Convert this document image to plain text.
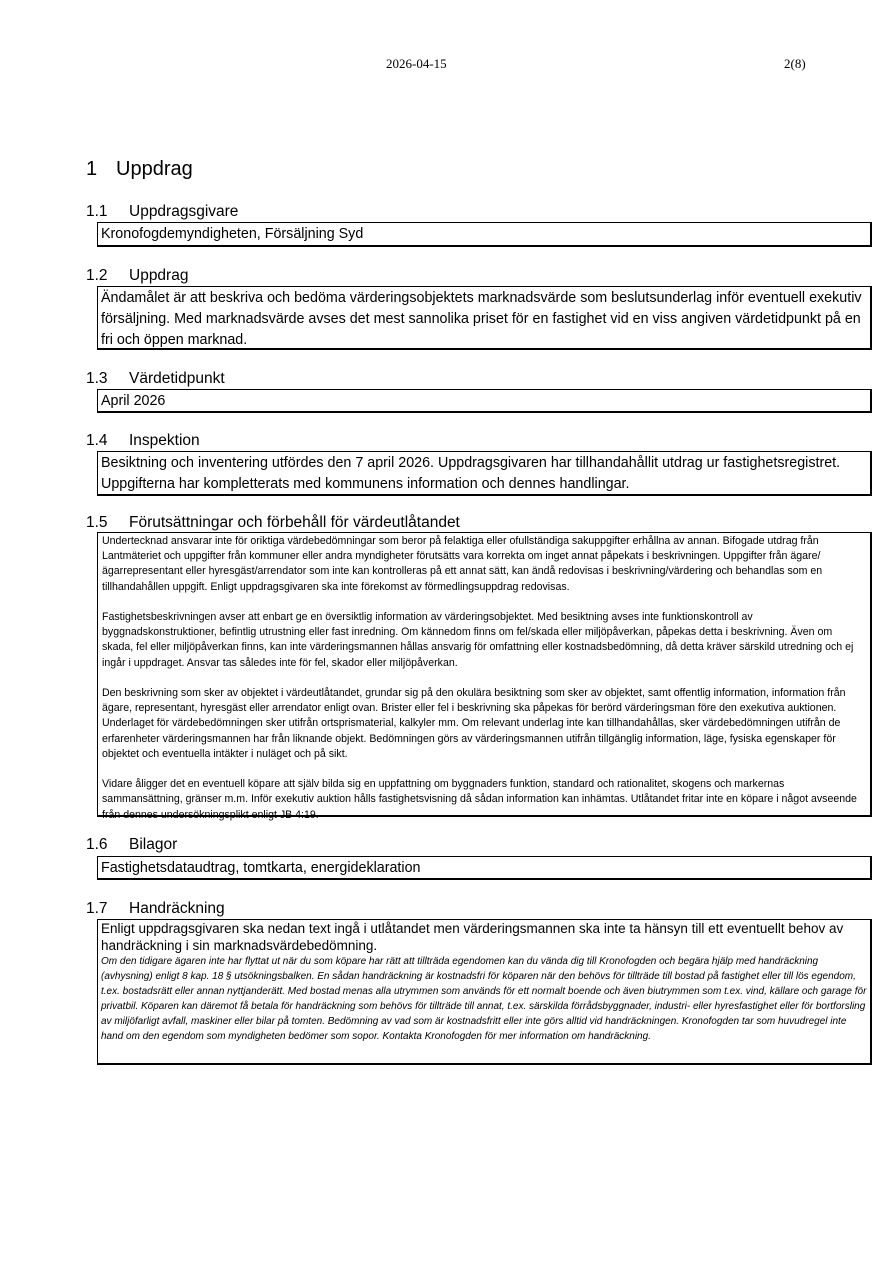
2026-04-15	2(8)
1 Uppdrag
1.1 Uppdragsgivare
Kronofogdemyndigheten, Försäljning Syd
1.2 Uppdrag
Ändamålet är att beskriva och bedöma värderingsobjektets marknadsvärde som beslutsunderlag inför eventuell exekutiv försäljning. Med marknadsvärde avses det mest sannolika priset för en fastighet vid en viss angiven värdetidpunkt på en fri och öppen marknad.
1.3 Värdetidpunkt
April 2026
1.4 Inspektion
Besiktning och inventering utfördes den 7 april 2026. Uppdragsgivaren har tillhandahållit utdrag ur fastighetsregistret. Uppgifterna har kompletterats med kommunens information och dennes handlingar.
1.5 Förutsättningar och förbehåll för värdeutlåtandet

Undertecknad ansvarar inte för oriktiga värdebedömningar som beror på felaktiga eller ofullständiga sakuppgifter erhållna av annan. Bifogade utdrag från Lantmäteriet och uppgifter från kommuner eller andra myndigheter förutsätts vara korrekta om inget annat påpekats i beskrivningen. Uppgifter från ägare/ägarrepresentant eller hyresgäst/arrendator som inte kan kontrolleras på ett annat sätt, kan ändå redovisas i beskrivning/värdering och behandlas som en tillhandahållen uppgift. Enligt uppdragsgivaren ska inte förekomst av förmedlingsuppdrag redovisas.

Fastighetsbeskrivningen avser att enbart ge en översiktlig information av värderingsobjektet. Med besiktning avses inte funktionskontroll av byggnadskonstruktioner, befintlig utrustning eller fast inredning. Om kännedom finns om fel/skada eller miljöpåverkan, påpekas detta i beskrivning. Även om skada, fel eller miljöpåverkan finns, kan inte värderingsmannen hållas ansvarig för omfattning eller kostnadsbedömning, då detta kräver särskild utredning och ej ingår i uppdraget. Ansvar tas således inte för fel, skador eller miljöpåverkan.

Den beskrivning som sker av objektet i värdeutlåtandet, grundar sig på den okulära besiktning som sker av objektet, samt offentlig information, information från ägare, representant, hyresgäst eller arrendator enligt ovan. Brister eller fel i beskrivning ska påpekas för berörd värderingsman före den exekutiva auktionen. Underlaget för värdebedömningen sker utifrån ortsprismaterial, kalkyler mm. Om relevant underlag inte kan tillhandahållas, sker värdebedömningen utifrån de erfarenheter värderingsmannen har från liknande objekt. Bedömningen görs av värderingsmannen utifrån tillgänglig information, läge, fysiska egenskaper för objektet och eventuella intäkter i nuläget och på sikt.

Vidare åligger det en eventuell köpare att själv bilda sig en uppfattning om byggnaders funktion, standard och rationalitet, skogens och markernas sammansättning, gränser m.m. Inför exekutiv auktion hålls fastighetsvisning då sådan information kan inhämtas. Utlåtandet fritar inte en köpare i något avseende från dennes undersökningsplikt enligt JB 4:19.

1.6 Bilagor
Fastighetsdataudtrag, tomtkarta, energideklaration
1.7 Handräckning
Enligt uppdragsgivaren ska nedan text ingå i utlåtandet men värderingsmannen ska inte ta hänsyn till ett eventuellt behov av handräckning i sin marknadsvärdebedömning.

Om den tidigare ägaren inte har flyttat ut när du som köpare har rätt att tillträda egendomen kan du vända dig till Kronofogden och begära hjälp med handräckning (avhysning) enligt 8 kap. 18 § utsökningsbalken. En sådan handräckning är kostnadsfri för köparen när den behövs för tillträde till bostad på fastighet eller till lös egendom, t.ex. bostadsrätt eller annan nyttjanderätt. Med bostad menas alla utrymmen som används för ett normalt boende och även biutrymmen som t.ex. vind, källare och garage för privatbil. Köparen kan däremot få betala för handräckning som behövs för tillträde till annat, t.ex. särskilda förrådsbyggnader, industri- eller hyresfastighet eller för bortforsling av miljöfarligt avfall, maskiner eller bilar på tomten. Bedömning av vad som är kostnadsfritt eller inte görs alltid vid handräckningen. Kronofogden tar som huvudregel inte hand om den egendom som myndigheten bedömer som sopor. Kontakta Kronofogden för mer information om handräckning.
